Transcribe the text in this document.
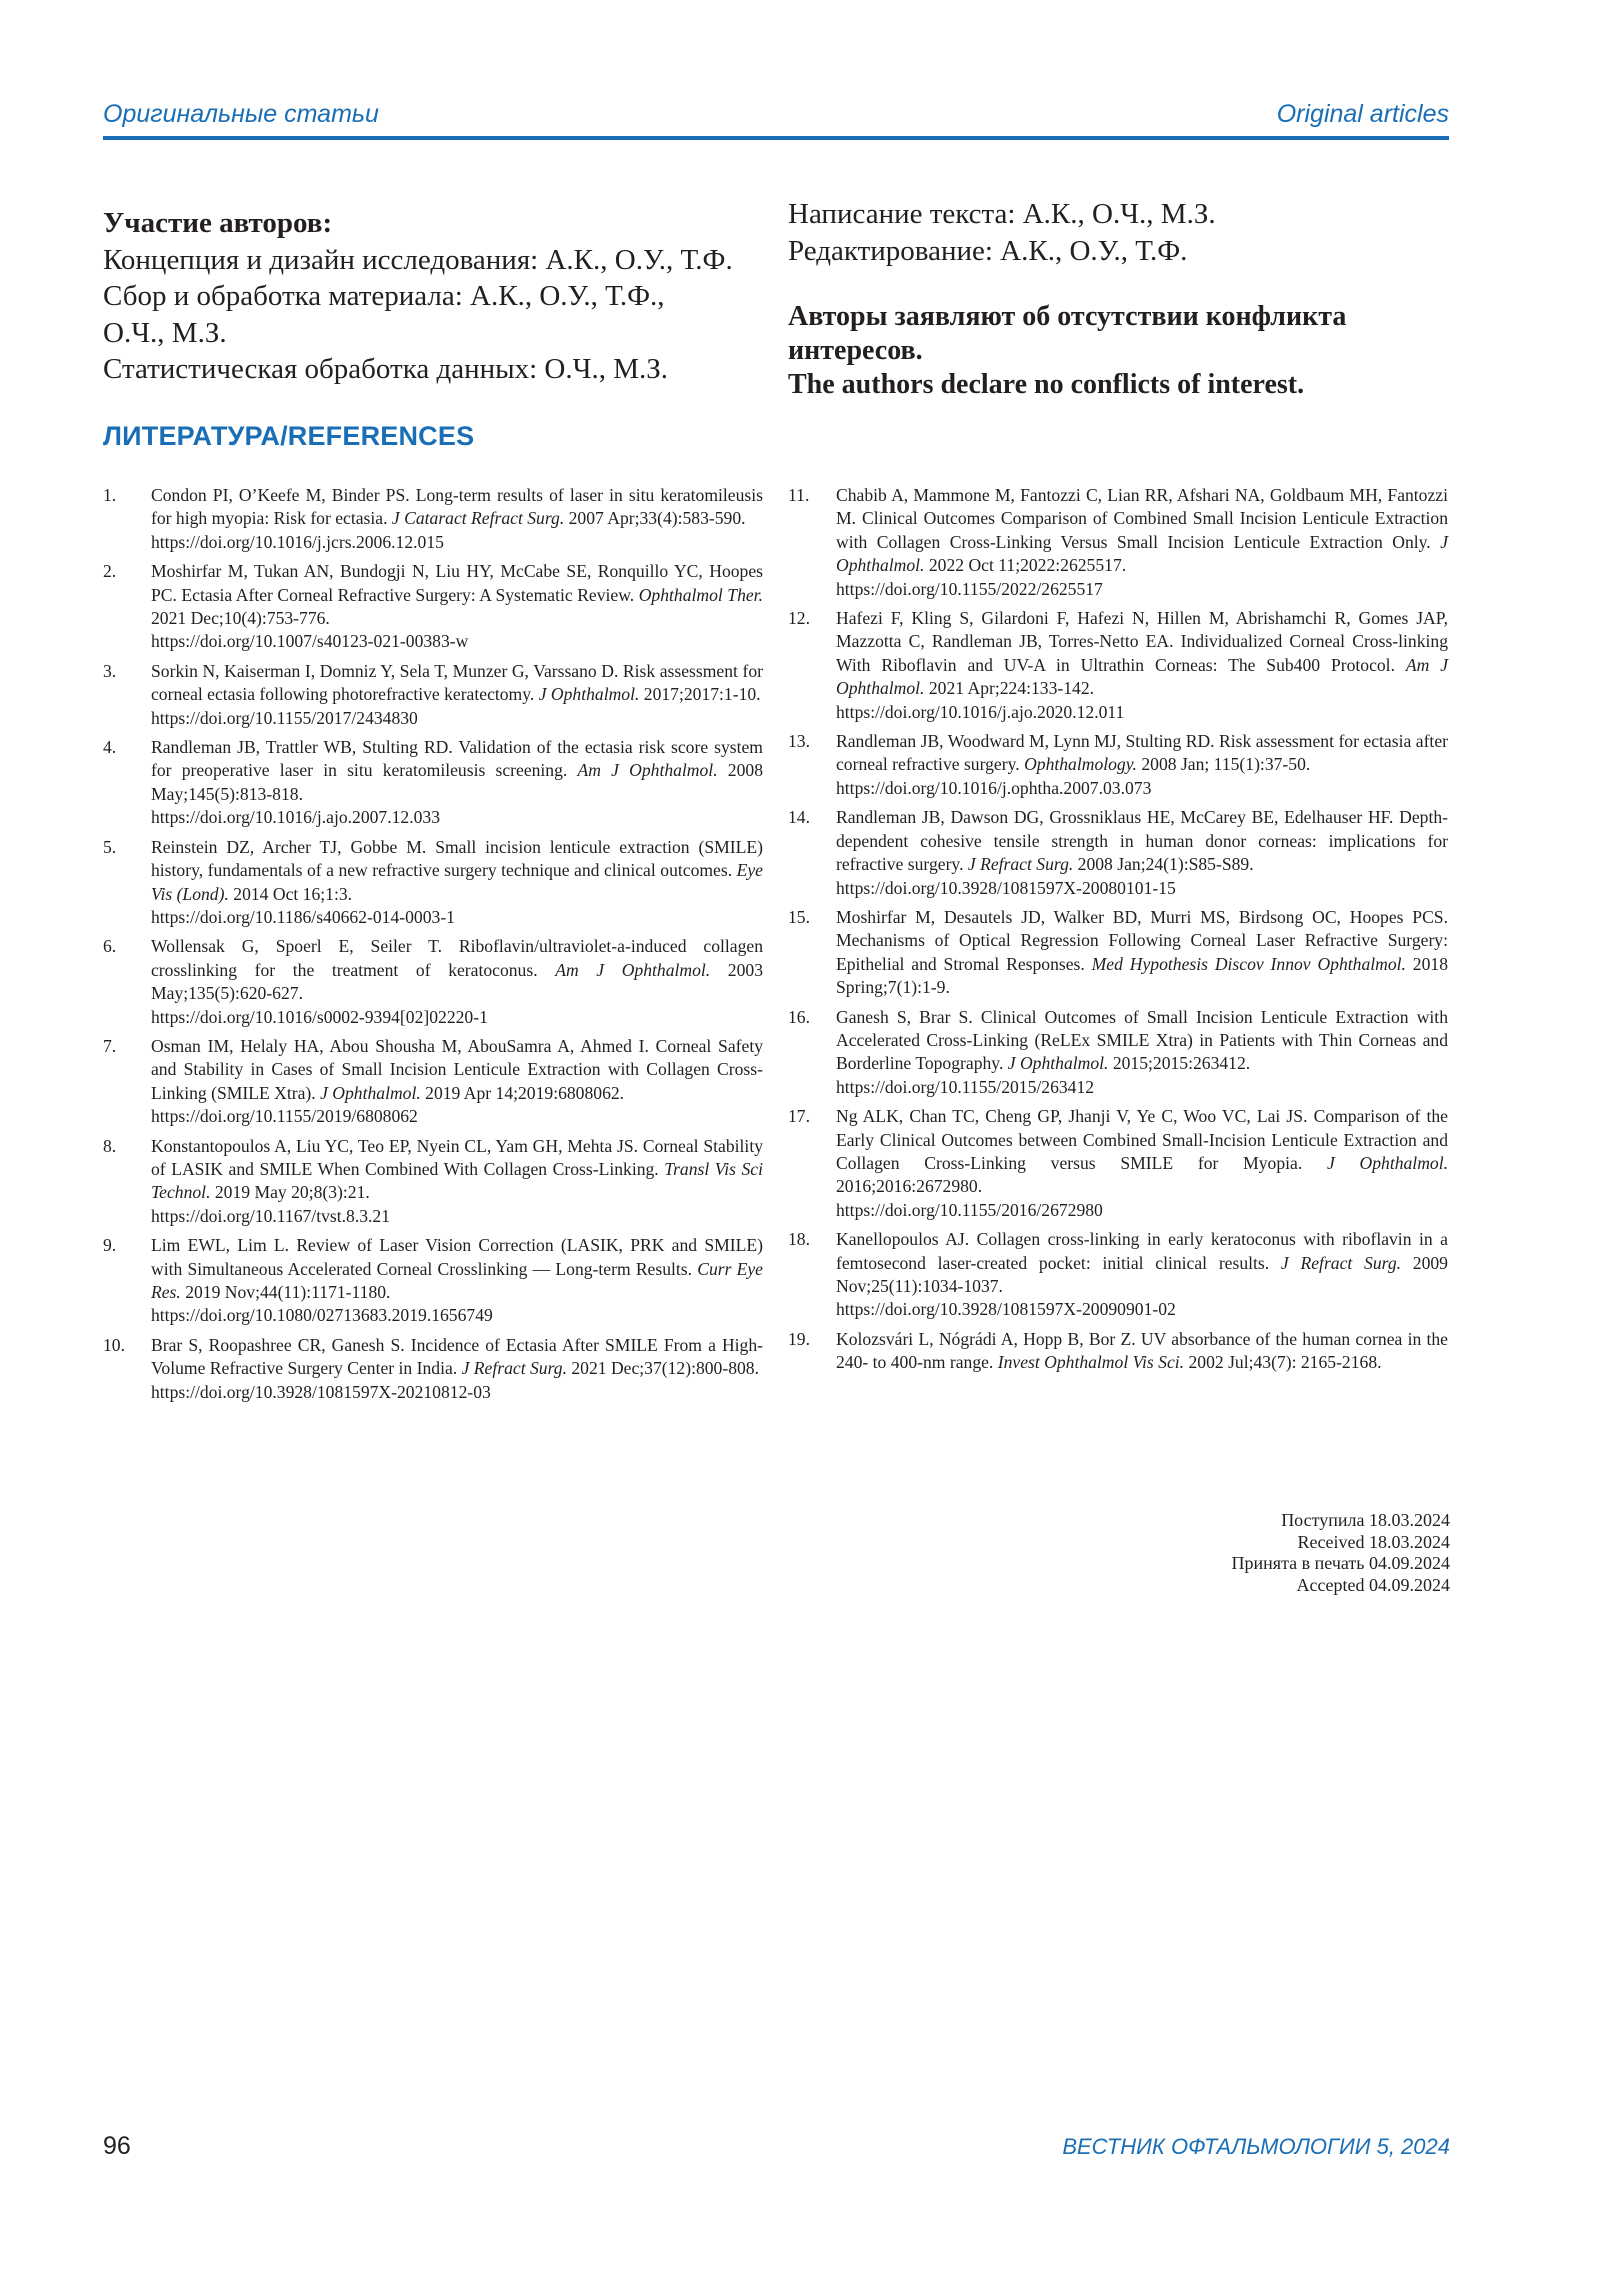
Оригинальные статьи	Original articles
Участие авторов:
Концепция и дизайн исследования: А.К., О.У., Т.Ф.
Сбор и обработка материала: А.К., О.У., Т.Ф.,
О.Ч., М.З.
Статистическая обработка данных: О.Ч., М.З.
Написание текста: А.К., О.Ч., М.З.
Редактирование: А.К., О.У., Т.Ф.
Авторы заявляют об отсутствии конфликта интересов.
The authors declare no conflicts of interest.
ЛИТЕРАТУРА/REFERENCES
1. Condon PI, O’Keefe M, Binder PS. Long-term results of laser in situ keratomileusis for high myopia: Risk for ectasia. J Cataract Refract Surg. 2007 Apr;33(4):583-590.
https://doi.org/10.1016/j.jcrs.2006.12.015
2. Moshirfar M, Tukan AN, Bundogji N, Liu HY, McCabe SE, Ronquillo YC, Hoopes PC. Ectasia After Corneal Refractive Surgery: A Systematic Review. Ophthalmol Ther. 2021 Dec;10(4):753-776.
https://doi.org/10.1007/s40123-021-00383-w
3. Sorkin N, Kaiserman I, Domniz Y, Sela T, Munzer G, Varssano D. Risk assessment for corneal ectasia following photorefractive keratectomy. J Ophthalmol. 2017;2017:1-10.
https://doi.org/10.1155/2017/2434830
4. Randleman JB, Trattler WB, Stulting RD. Validation of the ectasia risk score system for preoperative laser in situ keratomileusis screening. Am J Ophthalmol. 2008 May;145(5):813-818.
https://doi.org/10.1016/j.ajo.2007.12.033
5. Reinstein DZ, Archer TJ, Gobbe M. Small incision lenticule extraction (SMILE) history, fundamentals of a new refractive surgery technique and clinical outcomes. Eye Vis (Lond). 2014 Oct 16;1:3.
https://doi.org/10.1186/s40662-014-0003-1
6. Wollensak G, Spoerl E, Seiler T. Riboflavin/ultraviolet-a-induced collagen crosslinking for the treatment of keratoconus. Am J Ophthalmol. 2003 May;135(5):620-627.
https://doi.org/10.1016/s0002-9394[02]02220-1
7. Osman IM, Helaly HA, Abou Shousha M, AbouSamra A, Ahmed I. Corneal Safety and Stability in Cases of Small Incision Lenticule Extraction with Collagen Cross-Linking (SMILE Xtra). J Ophthalmol. 2019 Apr 14;2019:6808062.
https://doi.org/10.1155/2019/6808062
8. Konstantopoulos A, Liu YC, Teo EP, Nyein CL, Yam GH, Mehta JS. Corneal Stability of LASIK and SMILE When Combined With Collagen Cross-Linking. Transl Vis Sci Technol. 2019 May 20;8(3):21.
https://doi.org/10.1167/tvst.8.3.21
9. Lim EWL, Lim L. Review of Laser Vision Correction (LASIK, PRK and SMILE) with Simultaneous Accelerated Corneal Crosslinking — Long-term Results. Curr Eye Res. 2019 Nov;44(11):1171-1180.
https://doi.org/10.1080/02713683.2019.1656749
10. Brar S, Roopashree CR, Ganesh S. Incidence of Ectasia After SMILE From a High-Volume Refractive Surgery Center in India. J Refract Surg. 2021 Dec;37(12):800-808.
https://doi.org/10.3928/1081597X-20210812-03
11. Chabib A, Mammone M, Fantozzi C, Lian RR, Afshari NA, Goldbaum MH, Fantozzi M. Clinical Outcomes Comparison of Combined Small Incision Lenticule Extraction with Collagen Cross-Linking Versus Small Incision Lenticule Extraction Only. J Ophthalmol. 2022 Oct 11;2022:2625517.
https://doi.org/10.1155/2022/2625517
12. Hafezi F, Kling S, Gilardoni F, Hafezi N, Hillen M, Abrishamchi R, Gomes JAP, Mazzotta C, Randleman JB, Torres-Netto EA. Individualized Corneal Cross-linking With Riboflavin and UV-A in Ultrathin Corneas: The Sub400 Protocol. Am J Ophthalmol. 2021 Apr;224:133-142.
https://doi.org/10.1016/j.ajo.2020.12.011
13. Randleman JB, Woodward M, Lynn MJ, Stulting RD. Risk assessment for ectasia after corneal refractive surgery. Ophthalmology. 2008 Jan; 115(1):37-50.
https://doi.org/10.1016/j.ophtha.2007.03.073
14. Randleman JB, Dawson DG, Grossniklaus HE, McCarey BE, Edelhauser HF. Depth-dependent cohesive tensile strength in human donor corneas: implications for refractive surgery. J Refract Surg. 2008 Jan;24(1):S85-S89.
https://doi.org/10.3928/1081597X-20080101-15
15. Moshirfar M, Desautels JD, Walker BD, Murri MS, Birdsong OC, Hoopes PCS. Mechanisms of Optical Regression Following Corneal Laser Refractive Surgery: Epithelial and Stromal Responses. Med Hypothesis Discov Innov Ophthalmol. 2018 Spring;7(1):1-9.
16. Ganesh S, Brar S. Clinical Outcomes of Small Incision Lenticule Extraction with Accelerated Cross-Linking (ReLEx SMILE Xtra) in Patients with Thin Corneas and Borderline Topography. J Ophthalmol. 2015;2015:263412.
https://doi.org/10.1155/2015/263412
17. Ng ALK, Chan TC, Cheng GP, Jhanji V, Ye C, Woo VC, Lai JS. Comparison of the Early Clinical Outcomes between Combined Small-Incision Lenticule Extraction and Collagen Cross-Linking versus SMILE for Myopia. J Ophthalmol. 2016;2016:2672980.
https://doi.org/10.1155/2016/2672980
18. Kanellopoulos AJ. Collagen cross-linking in early keratoconus with riboflavin in a femtosecond laser-created pocket: initial clinical results. J Refract Surg. 2009 Nov;25(11):1034-1037.
https://doi.org/10.3928/1081597X-20090901-02
19. Kolozsvári L, Nógrádi A, Hopp B, Bor Z. UV absorbance of the human cornea in the 240- to 400-nm range. Invest Ophthalmol Vis Sci. 2002 Jul;43(7): 2165-2168.
Поступила 18.03.2024
Received 18.03.2024
Принята в печать 04.09.2024
Accepted 04.09.2024
96	ВЕСТНИК ОФТАЛЬМОЛОГИИ 5, 2024
